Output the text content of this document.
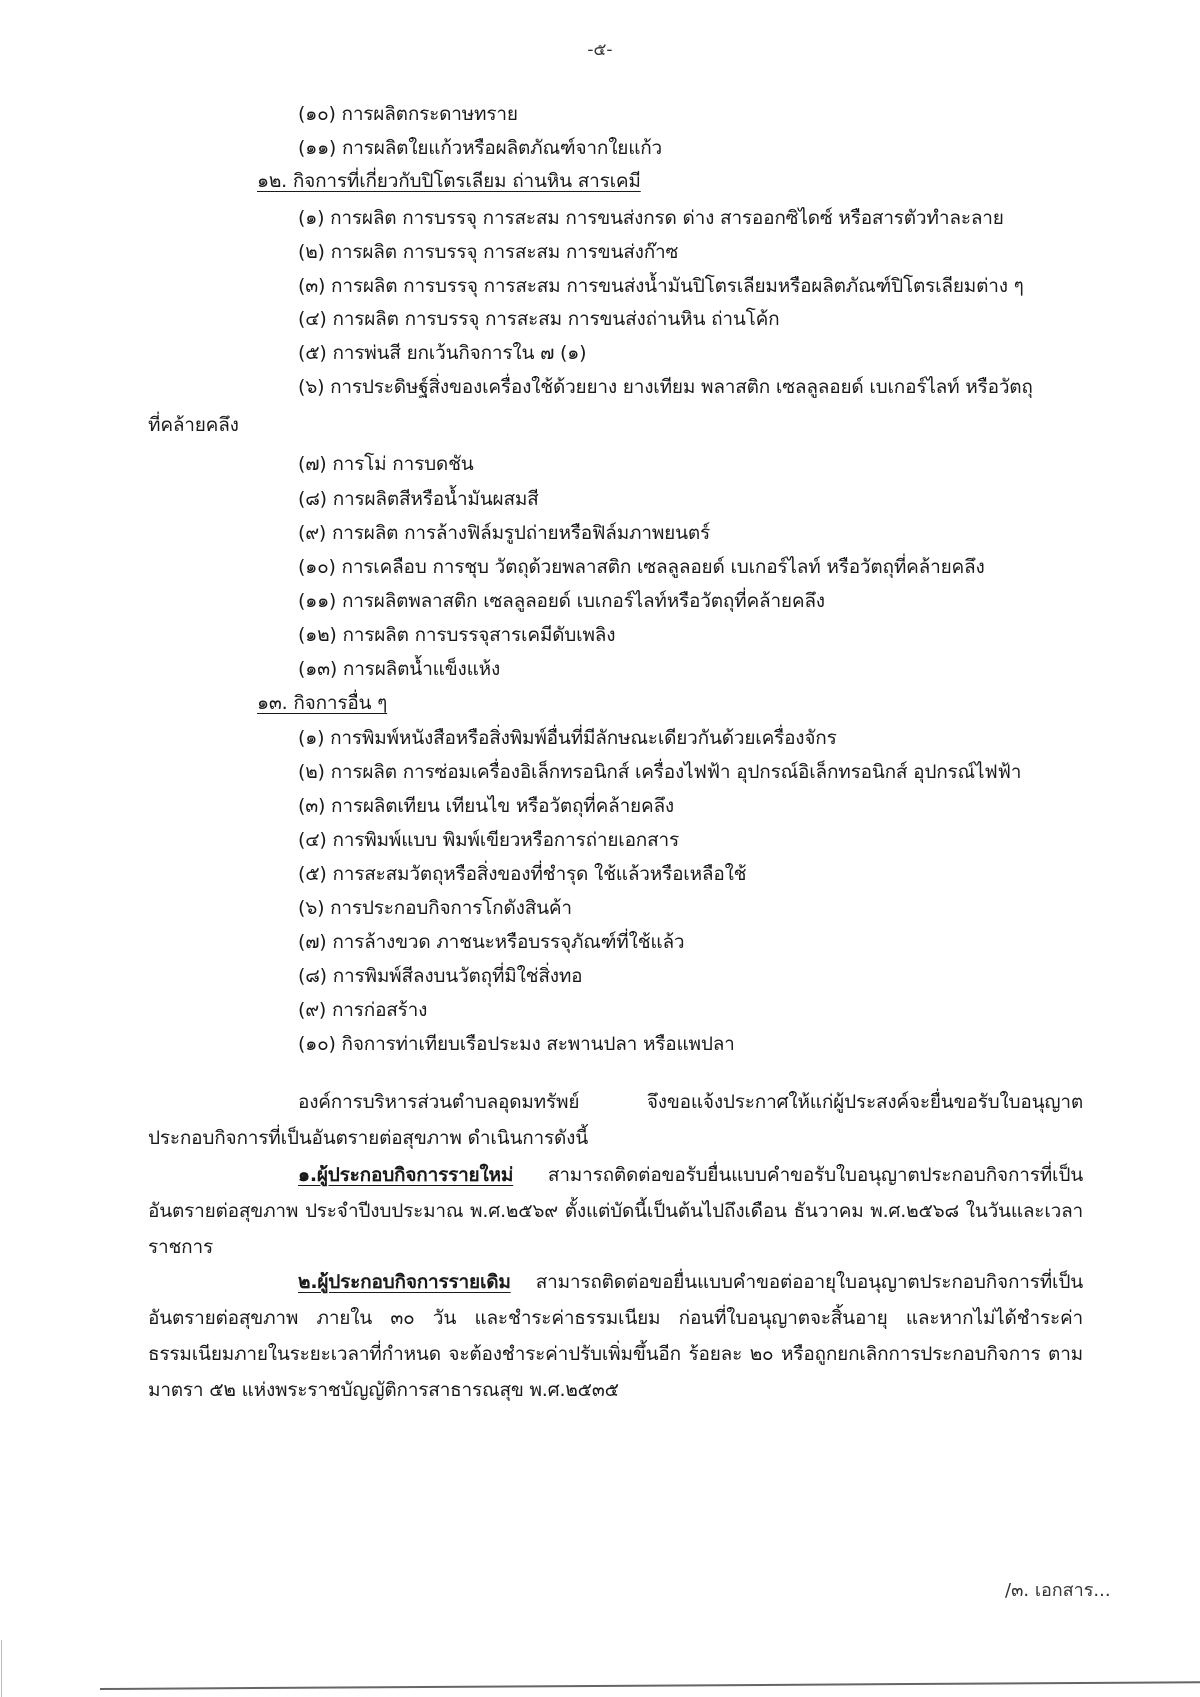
-๕-
(๑๐) การผลิตกระดาษทราย
(๑๑) การผลิตใยแก้วหรือผลิตภัณฑ์จากใยแก้ว
๑๒. กิจการที่เกี่ยวกับปิโตรเลียม ถ่านหิน สารเคมี
(๑) การผลิต การบรรจุ การสะสม การขนส่งกรด ด่าง สารออกซิไดซ์ หรือสารตัวทำละลาย
(๒) การผลิต การบรรจุ การสะสม การขนส่งก๊าซ
(๓) การผลิต การบรรจุ การสะสม การขนส่งน้ำมันปิโตรเลียมหรือผลิตภัณฑ์ปิโตรเลียมต่าง ๆ
(๔) การผลิต การบรรจุ การสะสม การขนส่งถ่านหิน ถ่านโค้ก
(๕) การพ่นสี ยกเว้นกิจการใน ๗ (๑)
(๖) การประดิษฐ์สิ่งของเครื่องใช้ด้วยยาง ยางเทียม พลาสติก เซลลูลอยด์ เบเกอร์ไลท์ หรือวัตถุ
ที่คล้ายคลึง
(๗) การโม่ การบดชัน
(๘) การผลิตสีหรือน้ำมันผสมสี
(๙) การผลิต การล้างฟิล์มรูปถ่ายหรือฟิล์มภาพยนตร์
(๑๐) การเคลือบ การชุบ วัตถุด้วยพลาสติก เซลลูลอยด์ เบเกอร์ไลท์ หรือวัตถุที่คล้ายคลึง
(๑๑) การผลิตพลาสติก เซลลูลอยด์ เบเกอร์ไลท์หรือวัตถุที่คล้ายคลึง
(๑๒) การผลิต การบรรจุสารเคมีดับเพลิง
(๑๓) การผลิตน้ำแข็งแห้ง
๑๓. กิจการอื่น ๆ
(๑) การพิมพ์หนังสือหรือสิ่งพิมพ์อื่นที่มีลักษณะเดียวกันด้วยเครื่องจักร
(๒) การผลิต การซ่อมเครื่องอิเล็กทรอนิกส์ เครื่องไฟฟ้า อุปกรณ์อิเล็กทรอนิกส์ อุปกรณ์ไฟฟ้า
(๓) การผลิตเทียน เทียนไข หรือวัตถุที่คล้ายคลึง
(๔) การพิมพ์แบบ พิมพ์เขียวหรือการถ่ายเอกสาร
(๕) การสะสมวัตถุหรือสิ่งของที่ชำรุด ใช้แล้วหรือเหลือใช้
(๖) การประกอบกิจการโกดังสินค้า
(๗) การล้างขวด ภาชนะหรือบรรจุภัณฑ์ที่ใช้แล้ว
(๘) การพิมพ์สีลงบนวัตถุที่มิใช่สิ่งทอ
(๙) การก่อสร้าง
(๑๐) กิจการท่าเทียบเรือประมง สะพานปลา หรือแพปลา
องค์การบริหารส่วนตำบลอุดมทรัพย์ จึงขอแจ้งประกาศให้แก่ผู้ประสงค์จะยื่นขอรับใบอนุญาตประกอบกิจการที่เป็นอันตรายต่อสุขภาพ ดำเนินการดังนี้
๑.ผู้ประกอบกิจการรายใหม่ สามารถติดต่อขอรับยื่นแบบคำขอรับใบอนุญาตประกอบกิจการที่เป็นอันตรายต่อสุขภาพ ประจำปีงบประมาณ พ.ศ.๒๕๖๙ ตั้งแต่บัดนี้เป็นต้นไปถึงเดือน ธันวาคม พ.ศ.๒๕๖๘ ในวันและเวลาราชการ
๒.ผู้ประกอบกิจการรายเดิม สามารถติดต่อขอยื่นแบบคำขอต่ออายุใบอนุญาตประกอบกิจการที่เป็นอันตรายต่อสุขภาพ ภายใน ๓๐ วัน และชำระค่าธรรมเนียม ก่อนที่ใบอนุญาตจะสิ้นอายุ และหากไม่ได้ชำระค่าธรรมเนียมภายในระยะเวลาที่กำหนด จะต้องชำระค่าปรับเพิ่มขึ้นอีก ร้อยละ ๒๐ หรือถูกยกเลิกการประกอบกิจการ ตามมาตรา ๕๒ แห่งพระราชบัญญัติการสาธารณสุข พ.ศ.๒๕๓๕
/๓. เอกสาร...
